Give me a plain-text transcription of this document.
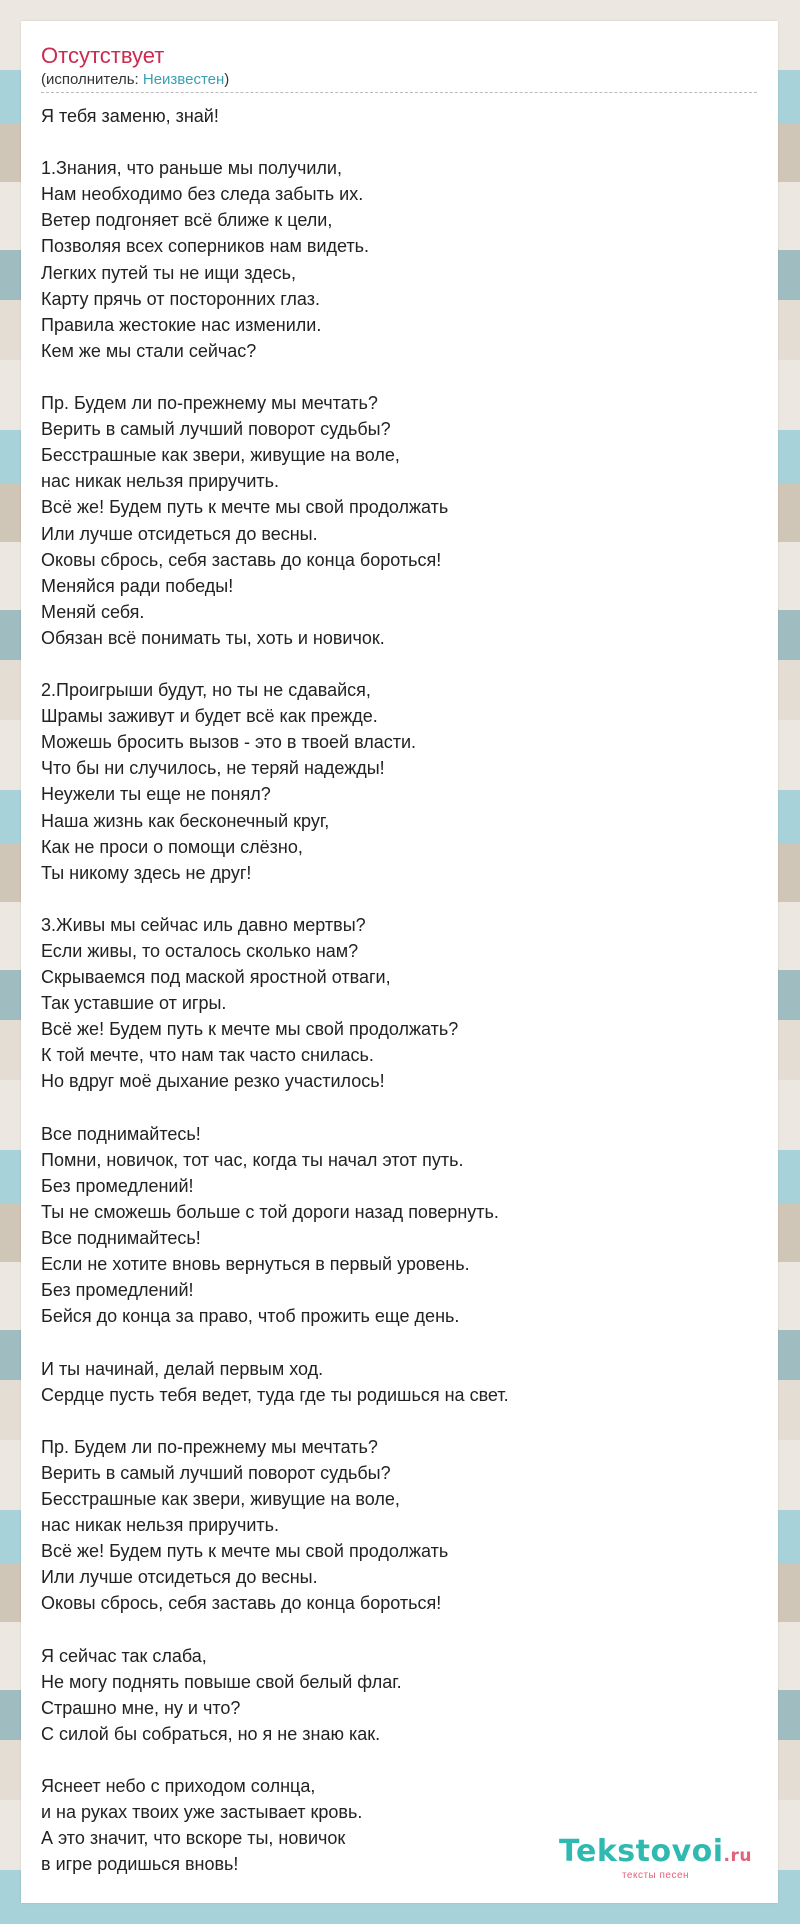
Отсутствует
(исполнитель: Неизвестен)
Я тебя заменю, знай!
1.Знания, что раньше мы получили,
Нам необходимо без следа забыть их.
Ветер подгоняет всё ближе к цели,
Позволяя всех соперников нам видеть.
Легких путей ты не ищи здесь,
Карту прячь от посторонних глаз.
Правила жестокие нас изменили.
Кем же мы стали сейчас?
Пр. Будем ли по-прежнему мы мечтать?
Верить в самый лучший поворот судьбы?
Бесстрашные как звери, живущие на воле,
нас никак нельзя приручить.
Всё же! Будем путь к мечте мы свой продолжать
Или лучше отсидеться до весны.
Оковы сбрось, себя заставь до конца бороться!
Меняйся ради победы!
Меняй себя.
Обязан всё понимать ты, хоть и новичок.
2.Проигрыши будут, но ты не сдавайся,
Шрамы заживут и будет всё как прежде.
Можешь бросить вызов - это в твоей власти.
Что бы ни случилось, не теряй надежды!
Неужели ты еще не понял?
Наша жизнь как бесконечный круг,
Как не проси о помощи слёзно,
Ты никому здесь не друг!
3.Живы мы сейчас иль давно мертвы?
Если живы, то осталось сколько нам?
Скрываемся под маской яростной отваги,
Так уставшие от игры.
Всё же! Будем путь к мечте мы свой продолжать?
К той мечте, что нам так часто снилась.
Но вдруг моё дыхание резко участилось!
Все поднимайтесь!
Помни, новичок, тот час, когда ты начал этот путь.
Без промедлений!
Ты не сможешь больше с той дороги назад повернуть.
Все поднимайтесь!
Если не хотите вновь вернуться в первый уровень.
Без промедлений!
Бейся до конца за право, чтоб прожить еще день.
И ты начинай, делай первым ход.
Сердце пусть тебя ведет, туда где ты родишься на свет.
Пр. Будем ли по-прежнему мы мечтать?
Верить в самый лучший поворот судьбы?
Бесстрашные как звери, живущие на воле,
нас никак нельзя приручить.
Всё же! Будем путь к мечте мы свой продолжать
Или лучше отсидеться до весны.
Оковы сбрось, себя заставь до конца бороться!
Я сейчас так слаба,
Не могу поднять повыше свой белый флаг.
Страшно мне, ну и что?
С силой бы собраться, но я не знаю как.
Яснеет небо с приходом солнца,
и на руках твоих уже застывает кровь.
А это значит, что вскоре ты, новичок
в игре родишься вновь!	Tekstovoi.ru
тексты песен
